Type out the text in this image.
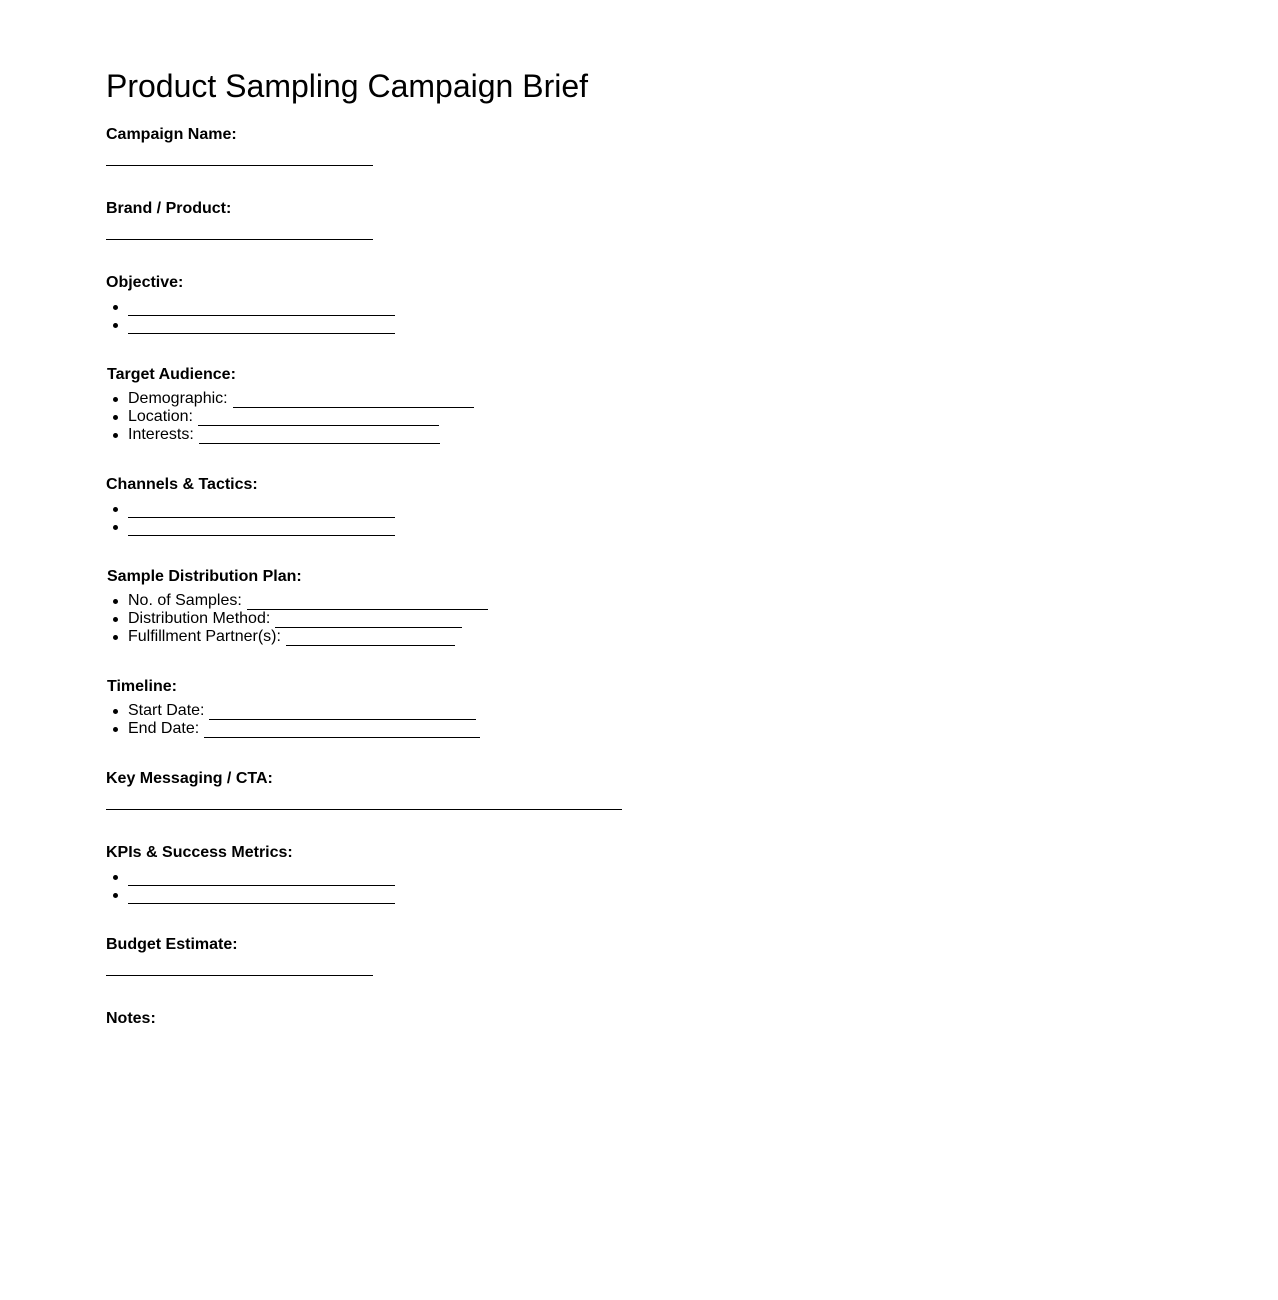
Product Sampling Campaign Brief

Campaign Name:

Brand / Product:

Objective:

Target Audience:

Demographic:
Location:
Interests:

Channels & Tactics:

Sample Distribution Plan:

No. of Samples:
Distribution Method:
Fulfillment Partner(s):

Timeline:

Start Date:
End Date:

Key Messaging / CTA:

KPIs & Success Metrics:

Budget Estimate:

Notes:
